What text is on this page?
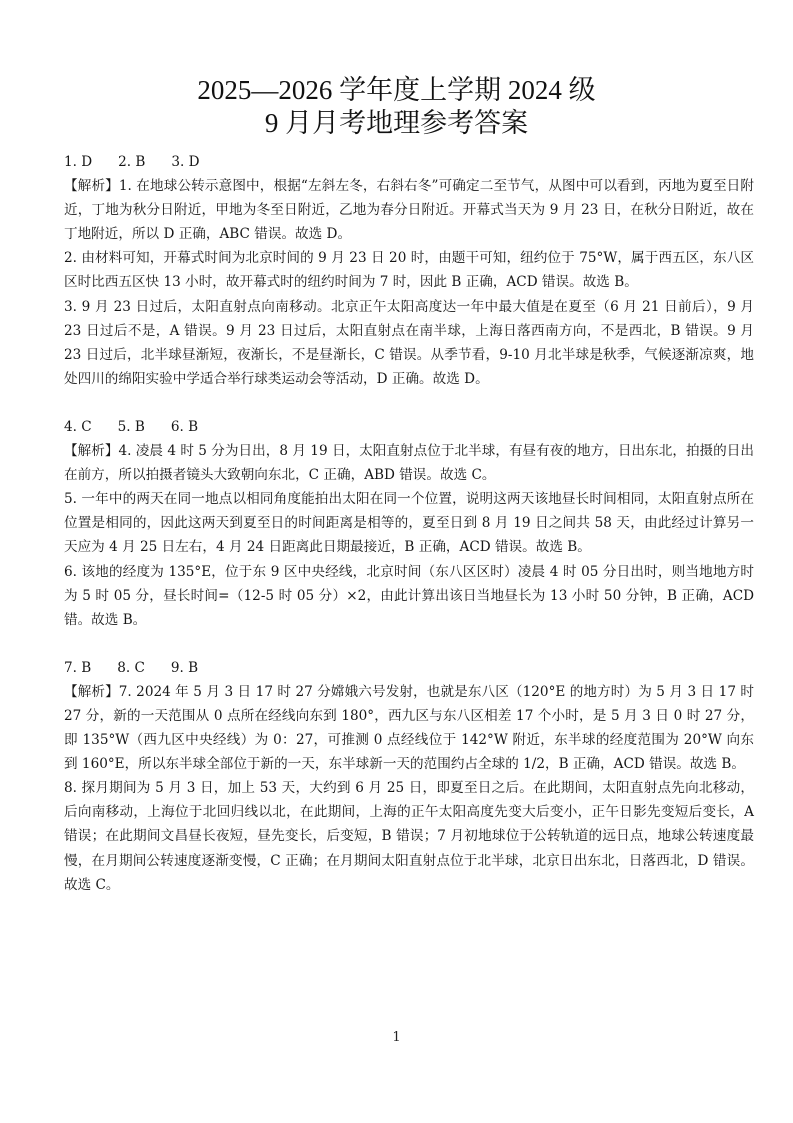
2025—2026 学年度上学期 2024 级
9 月月考地理参考答案

1. D      2. B      3. D

【解析】1. 在地球公转示意图中，根据“左斜左冬，右斜右冬”可确定二至节气，从图中可以看到，丙地为夏至日附近，丁地为秋分日附近，甲地为冬至日附近，乙地为春分日附近。开幕式当天为 9 月 23 日，在秋分日附近，故在丁地附近，所以 D 正确，ABC 错误。故选 D。

2. 由材料可知，开幕式时间为北京时间的 9 月 23 日 20 时，由题干可知，纽约位于 75°W，属于西五区，东八区区时比西五区快 13 小时，故开幕式时的纽约时间为 7 时，因此 B 正确，ACD 错误。故选 B。

3. 9 月 23 日过后，太阳直射点向南移动。北京正午太阳高度达一年中最大值是在夏至（6 月 21 日前后），9 月 23 日过后不是，A 错误。9 月 23 日过后，太阳直射点在南半球，上海日落西南方向，不是西北，B 错误。9 月 23 日过后，北半球昼渐短，夜渐长，不是昼渐长，C 错误。从季节看，9-10 月北半球是秋季，气候逐渐凉爽，地处四川的绵阳实验中学适合举行球类运动会等活动，D 正确。故选 D。

4. C      5. B      6. B

【解析】4. 凌晨 4 时 5 分为日出，8 月 19 日，太阳直射点位于北半球，有昼有夜的地方，日出东北，拍摄的日出在前方，所以拍摄者镜头大致朝向东北，C 正确，ABD 错误。故选 C。

5. 一年中的两天在同一地点以相同角度能拍出太阳在同一个位置，说明这两天该地昼长时间相同，太阳直射点所在位置是相同的，因此这两天到夏至日的时间距离是相等的，夏至日到 8 月 19 日之间共 58 天，由此经过计算另一天应为 4 月 25 日左右，4 月 24 日距离此日期最接近，B 正确，ACD 错误。故选 B。

6. 该地的经度为 135°E，位于东 9 区中央经线，北京时间（东八区区时）凌晨 4 时 05 分日出时，则当地地方时为 5 时 05 分，昼长时间=（12-5 时 05 分）×2，由此计算出该日当地昼长为 13 小时 50 分钟，B 正确，ACD 错。故选 B。

7. B      8. C      9. B

【解析】7. 2024 年 5 月 3 日 17 时 27 分嫦娥六号发射，也就是东八区（120°E 的地方时）为 5 月 3 日 17 时 27 分，新的一天范围从 0 点所在经线向东到 180°，西九区与东八区相差 17 个小时，是 5 月 3 日 0 时 27 分，即 135°W（西九区中央经线）为 0：27，可推测 0 点经线位于 142°W 附近，东半球的经度范围为 20°W 向东到 160°E，所以东半球全部位于新的一天，东半球新一天的范围约占全球的 1/2，B 正确，ACD 错误。故选 B。

8. 探月期间为 5 月 3 日，加上 53 天，大约到 6 月 25 日，即夏至日之后。在此期间，太阳直射点先向北移动，后向南移动，上海位于北回归线以北，在此期间，上海的正午太阳高度先变大后变小，正午日影先变短后变长，A 错误；在此期间文昌昼长夜短，昼先变长，后变短，B 错误；7 月初地球位于公转轨道的远日点，地球公转速度最慢，在月期间公转速度逐渐变慢，C 正确；在月期间太阳直射点位于北半球，北京日出东北，日落西北，D 错误。故选 C。

1
